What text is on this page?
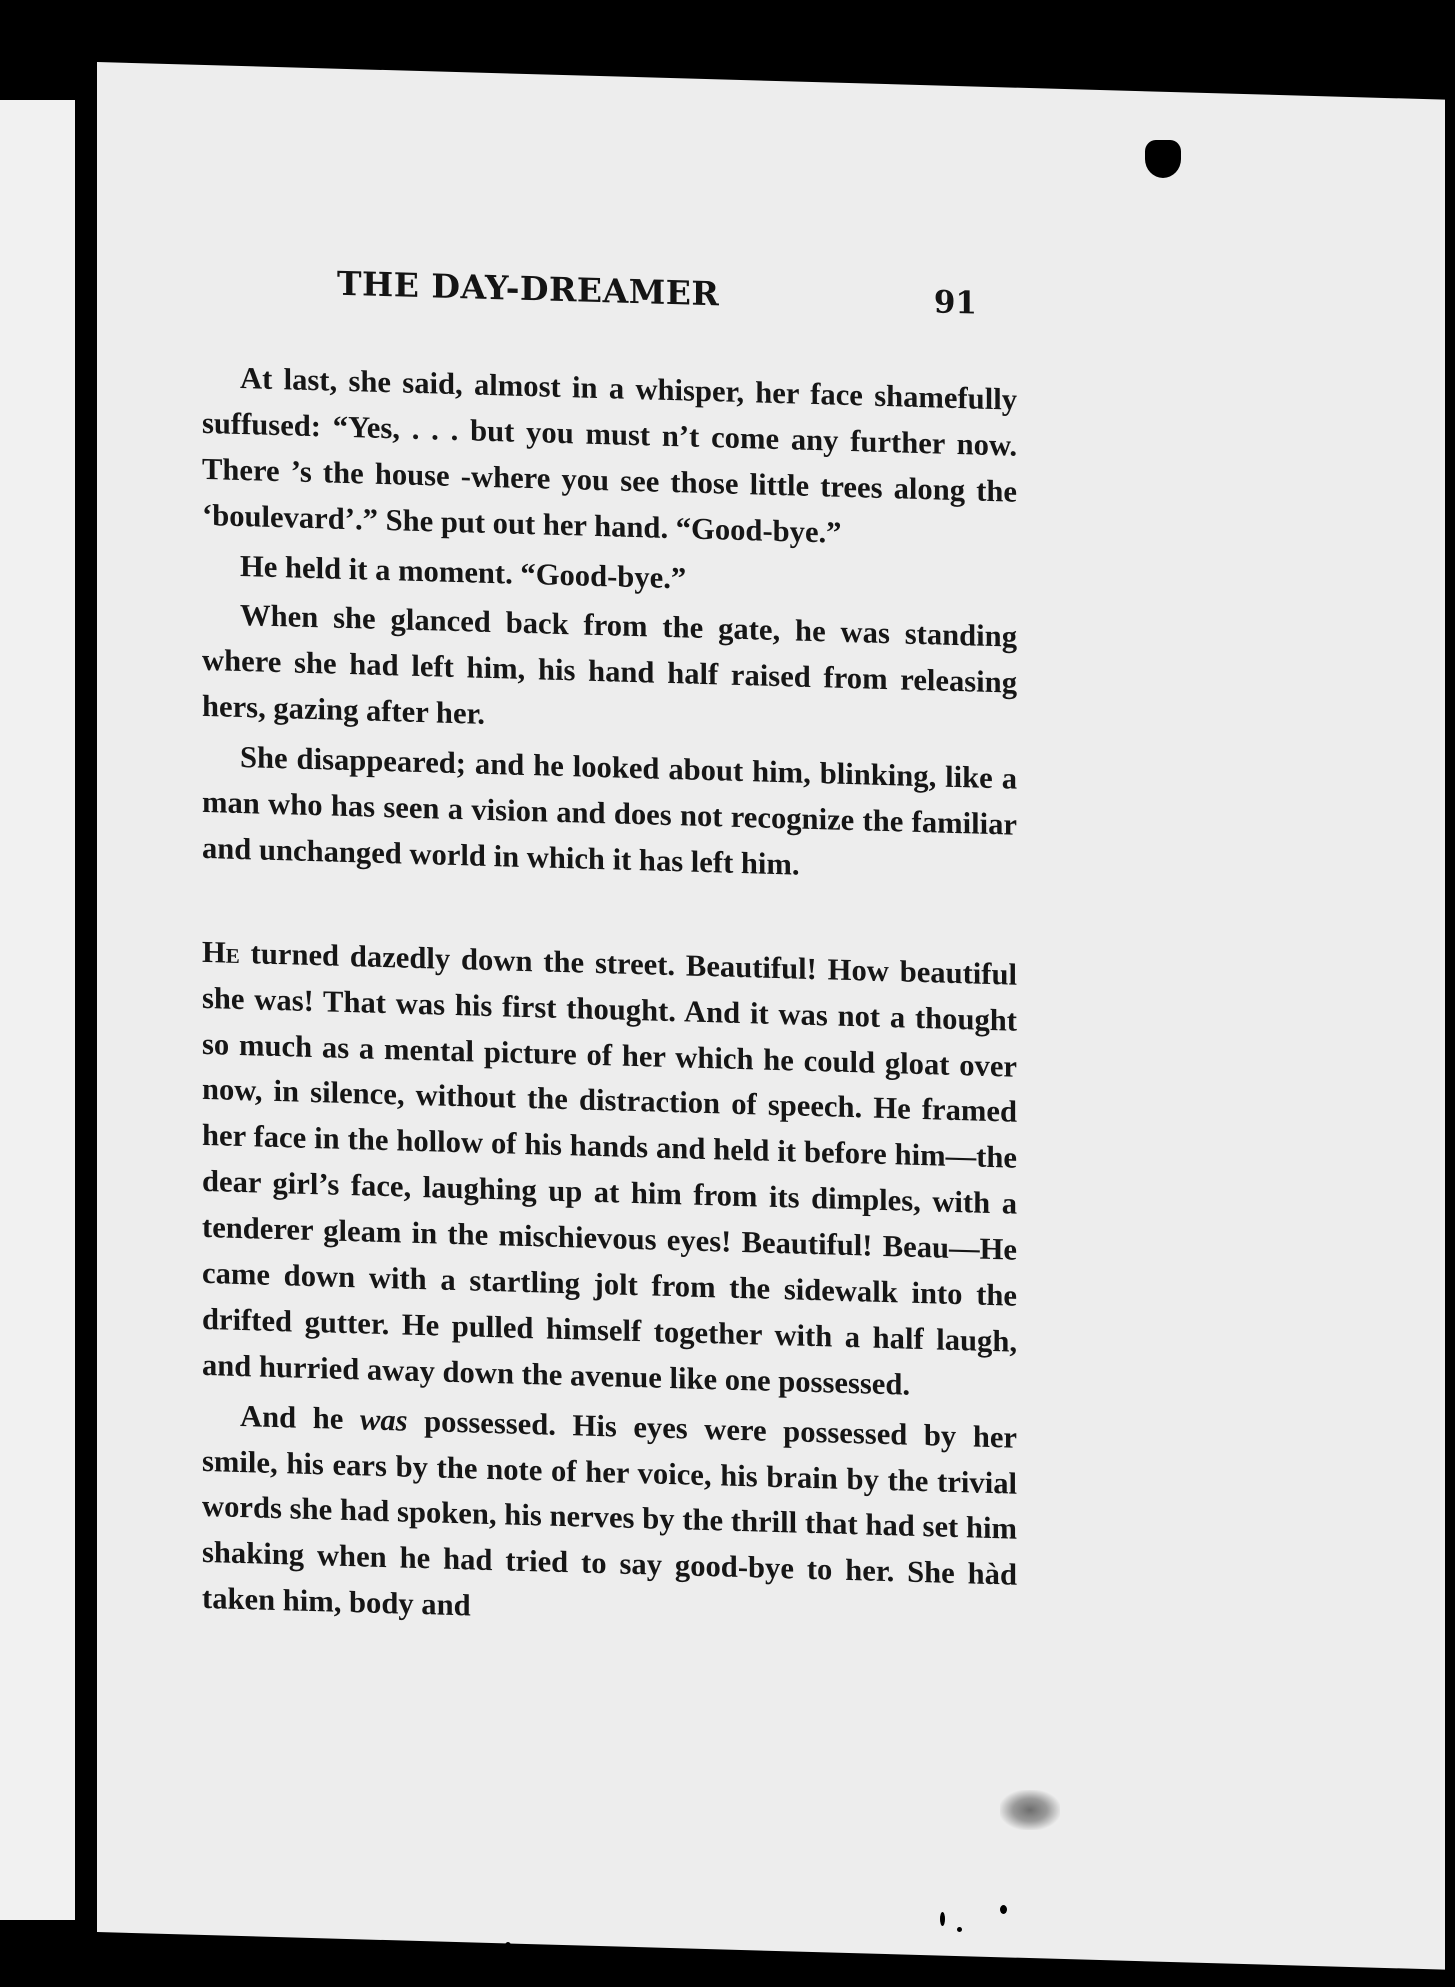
THE DAY-DREAMER	91

At last, she said, almost in a whisper, her face shamefully suffused: “Yes, . . . but you must n’t come any further now. There ’s the house -where you see those little trees along the ‘boulevard’.” She put out her hand. “Good-bye.”

He held it a moment. “Good-bye.”

When she glanced back from the gate, he was standing where she had left him, his hand half raised from releasing hers, gazing after her.

She disappeared; and he looked about him, blinking, like a man who has seen a vision and does not recognize the familiar and unchanged world in which it has left him.

He turned dazedly down the street. Beautiful! How beautiful she was! That was his first thought. And it was not a thought so much as a mental picture of her which he could gloat over now, in silence, without the distraction of speech. He framed her face in the hollow of his hands and held it before him—the dear girl’s face, laughing up at him from its dimples, with a tenderer gleam in the mischievous eyes! Beautiful! Beau—He came down with a startling jolt from the sidewalk into the drifted gutter. He pulled himself together with a half laugh, and hurried away down the avenue like one possessed.

And he was possessed. His eyes were possessed by her smile, his ears by the note of her voice, his brain by the trivial words she had spoken, his nerves by the thrill that had set him shaking when he had tried to say good-bye to her. She hàd taken him, body and
